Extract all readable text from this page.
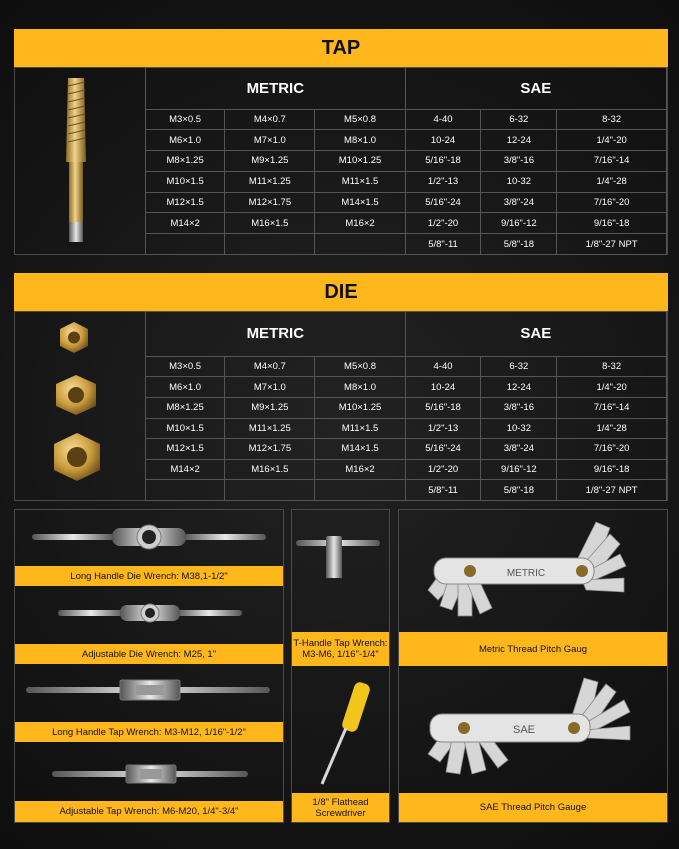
TAP
METRIC			SAE		
M3×0.5	M4×0.7	M5×0.8	4-40	6-32	8-32
M6×1.0	M7×1.0	M8×1.0	10-24	12-24	1/4"-20
M8×1.25	M9×1.25	M10×1.25	5/16"-18	3/8"-16	7/16"-14
M10×1.5	M11×1.25	M11×1.5	1/2"-13	10-32	1/4"-28
M12×1.5	M12×1.75	M14×1.5	5/16"-24	3/8"-24	7/16"-20
M14×2	M16×1.5	M16×2	1/2"-20	9/16"-12	9/16"-18
			5/8"-11	5/8"-18	1/8"-27 NPT
DIE
METRIC			SAE		
M3×0.5	M4×0.7	M5×0.8	4-40	6-32	8-32
M6×1.0	M7×1.0	M8×1.0	10-24	12-24	1/4"-20
M8×1.25	M9×1.25	M10×1.25	5/16"-18	3/8"-16	7/16"-14
M10×1.5	M11×1.25	M11×1.5	1/2"-13	10-32	1/4"-28
M12×1.5	M12×1.75	M14×1.5	5/16"-24	3/8"-24	7/16"-20
M14×2	M16×1.5	M16×2	1/2"-20	9/16"-12	9/16"-18
			5/8"-11	5/8"-18	1/8"-27 NPT
Long Handle Die Wrench: M38,1-1/2"
Adjustable Die Wrench: M25, 1"
Long Handle Tap Wrench: M3-M12, 1/16"-1/2"
Adjustable Tap Wrench: M6-M20, 1/4"-3/4"
T-Handle Tap Wrench: M3-M6, 1/16"-1/4"
1/8" Flathead Screwdriver
METRIC
Metric Thread Pitch Gaug
SAE
SAE Thread Pitch Gauge
